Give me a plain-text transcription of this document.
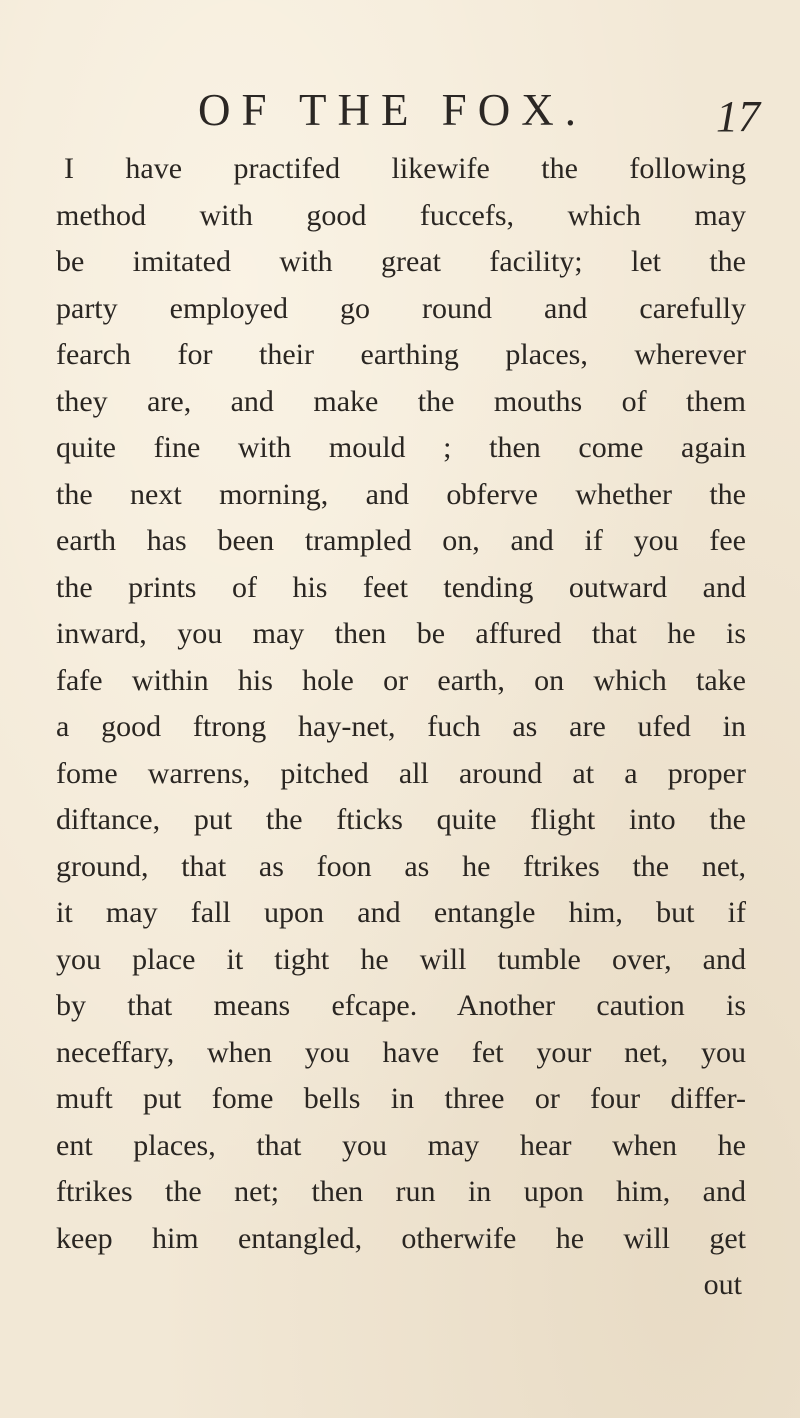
OF THE FOX.	17
I have practifed likewife the following
method with good fuccefs, which may
be imitated with great facility; let the
party employed go round and carefully
fearch for their earthing places, wherever
they are, and make the mouths of them
quite fine with mould ; then come again
the next morning, and obferve whether the
earth has been trampled on, and if you fee
the prints of his feet tending outward and
inward, you may then be affured that he is
fafe within his hole or earth, on which take
a good ftrong hay-net, fuch as are ufed in
fome warrens, pitched all around at a proper
diftance, put the fticks quite flight into the
ground, that as foon as he ftrikes the net,
it may fall upon and entangle him, but if
you place it tight he will tumble over, and
by that means efcape. Another caution is
neceffary, when you have fet your net, you
muft put fome bells in three or four differ-
ent places, that you may hear when he
ftrikes the net; then run in upon him, and
keep him entangled, otherwife he will get
out
